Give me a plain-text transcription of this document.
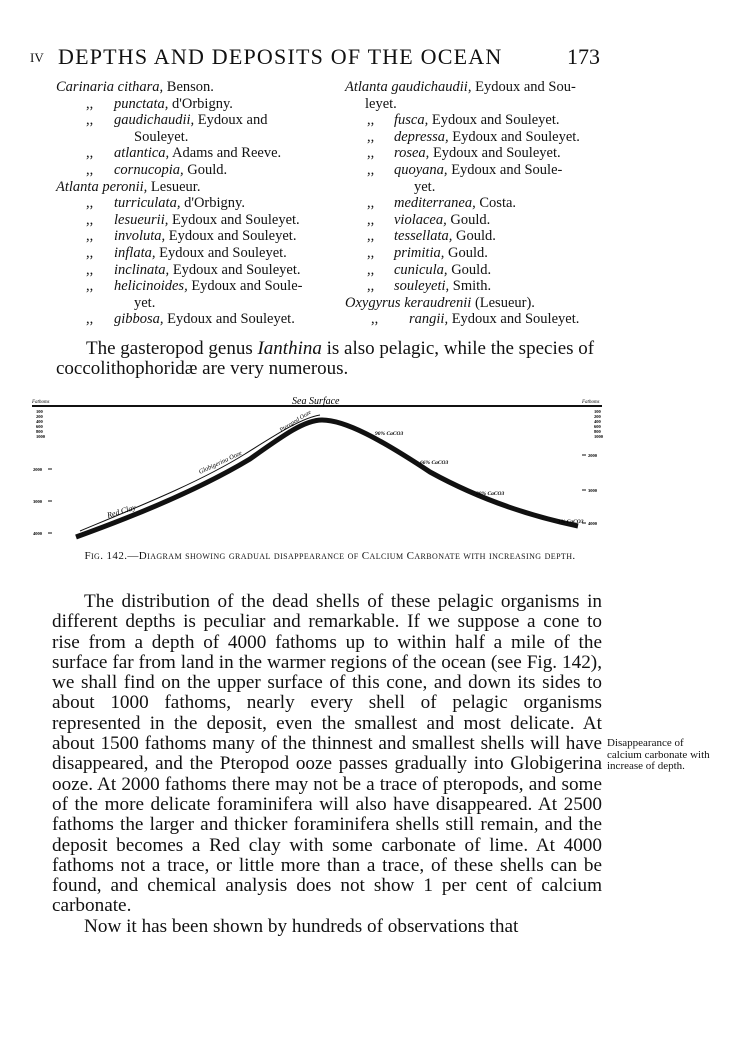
IV DEPTHS AND DEPOSITS OF THE OCEAN	173
Carinaria cithara, Benson.
,, punctata, d'Orbigny.
,, gaudichaudii, Eydoux and
Souleyet.
,, atlantica, Adams and Reeve.
,, cornucopia, Gould.
Atlanta peronii, Lesueur.
,, turriculata, d'Orbigny.
,, lesueurii, Eydoux and Souleyet.
,, involuta, Eydoux and Souleyet.
,, inflata, Eydoux and Souleyet.
,, inclinata, Eydoux and Souleyet.
,, helicinoides, Eydoux and Soule-
yet.
,, gibbosa, Eydoux and Souleyet.
Atlanta gaudichaudii, Eydoux and Sou-
leyet.
,, fusca, Eydoux and Souleyet.
,, depressa, Eydoux and Souleyet.
,, rosea, Eydoux and Souleyet.
,, quoyana, Eydoux and Soule-
yet.
,, mediterranea, Costa.
,, violacea, Gould.
,, tessellata, Gould.
,, primitia, Gould.
,, cunicula, Gould.
,, souleyeti, Smith.
Oxygyrus keraudrenii (Lesueur).
,, rangii, Eydoux and Souleyet.
The gasteropod genus Ianthina is also pelagic, while the species of coccolithophoridæ are very numerous.
Sea Surface
Fathoms
100
200
400
600
800
1000
2000
3000
4000
Fathoms
100
200
400
600
800
1000
2000
3000
4000
Red Clay
Globigerina Ooze
Pteropod Ooze
90% CaCO3
66% CaCO3
20% CaCO3
1% CaCO3
Fig. 142.—Diagram showing gradual disappearance of Calcium Carbonate with increasing depth.

The distribution of the dead shells of these pelagic organisms in different depths is peculiar and remarkable. If we suppose a cone to rise from a depth of 4000 fathoms up to within half a mile of the surface far from land in the warmer regions of the ocean (see Fig. 142), we shall find on the upper surface of this cone, and down its sides to about 1000 fathoms, nearly every shell of pelagic organisms represented in the deposit, even the smallest and most delicate. At about 1500 fathoms many of the thinnest and smallest shells will have disappeared, and the Pteropod ooze passes gradually into Globigerina ooze. At 2000 fathoms there may not be a trace of pteropods, and some of the more delicate foraminifera will also have disappeared. At 2500 fathoms the larger and thicker foraminifera shells still remain, and the deposit becomes a Red clay with some carbonate of lime. At 4000 fathoms not a trace, or little more than a trace, of these shells can be found, and chemical analysis does not show 1 per cent of calcium carbonate.

Now it has been shown by hundreds of observations that

Disappearance of calcium carbonate with increase of depth.
